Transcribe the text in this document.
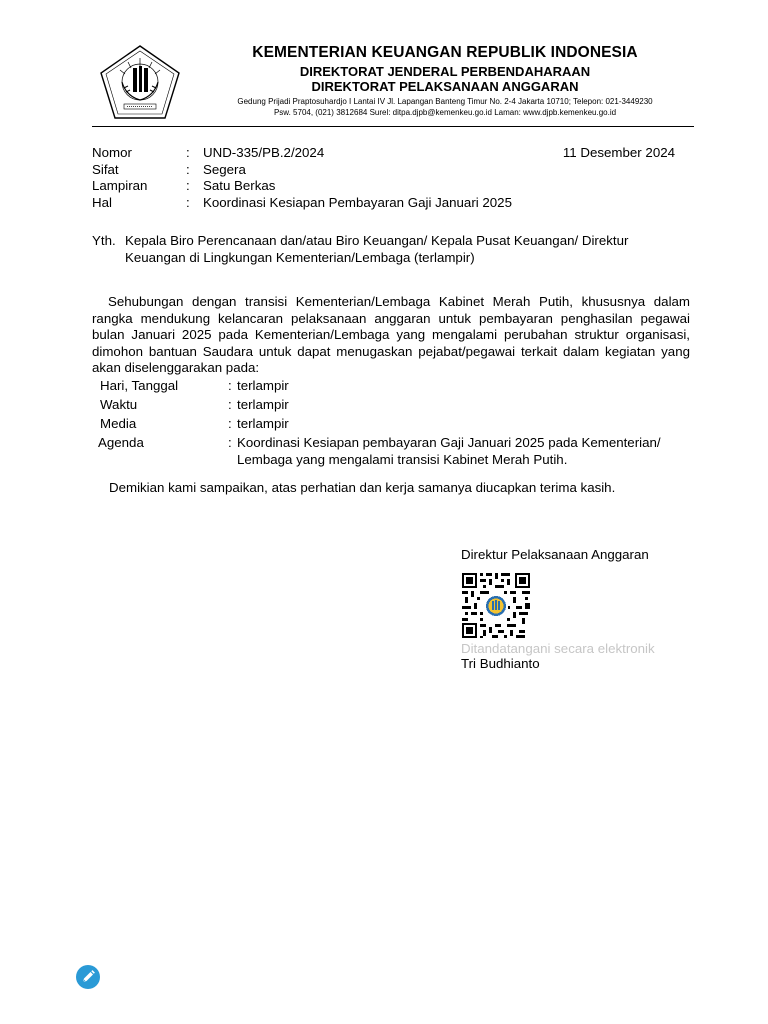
KEMENTERIAN KEUANGAN REPUBLIK INDONESIA
DIREKTORAT JENDERAL PERBENDAHARAAN
DIREKTORAT PELAKSANAAN ANGGARAN
Gedung Prijadi Praptosuhardjo I Lantai IV Jl. Lapangan Banteng Timur No. 2-4 Jakarta 10710; Telepon: 021-3449230
Psw. 5704, (021) 3812684 Surel: ditpa.djpb@kemenkeu.go.id Laman: www.djpb.kemenkeu.go.id
Nomor	: UND-335/PB.2/2024
Sifat	: Segera
Lampiran	: Satu Berkas
Hal	: Koordinasi Kesiapan Pembayaran Gaji Januari 2025
11 Desember 2024
Yth. Kepala Biro Perencanaan dan/atau Biro Keuangan/ Kepala Pusat Keuangan/ Direktur
Keuangan di Lingkungan Kementerian/Lembaga (terlampir)
Sehubungan dengan transisi Kementerian/Lembaga Kabinet Merah Putih, khususnya dalam
rangka mendukung kelancaran pelaksanaan anggaran untuk pembayaran penghasilan pegawai
bulan Januari 2025 pada Kementerian/Lembaga yang mengalami perubahan struktur organisasi,
dimohon bantuan Saudara untuk dapat menugaskan pejabat/pegawai terkait dalam kegiatan yang
akan diselenggarakan pada:
Hari, Tanggal	: terlampir
Waktu	: terlampir
Media	: terlampir
Agenda	: Koordinasi Kesiapan pembayaran Gaji Januari 2025 pada Kementerian/
Lembaga yang mengalami transisi Kabinet Merah Putih.
Demikian kami sampaikan, atas perhatian dan kerja samanya diucapkan terima kasih.
Direktur Pelaksanaan Anggaran
Ditandatangani secara elektronik
Tri Budhianto
